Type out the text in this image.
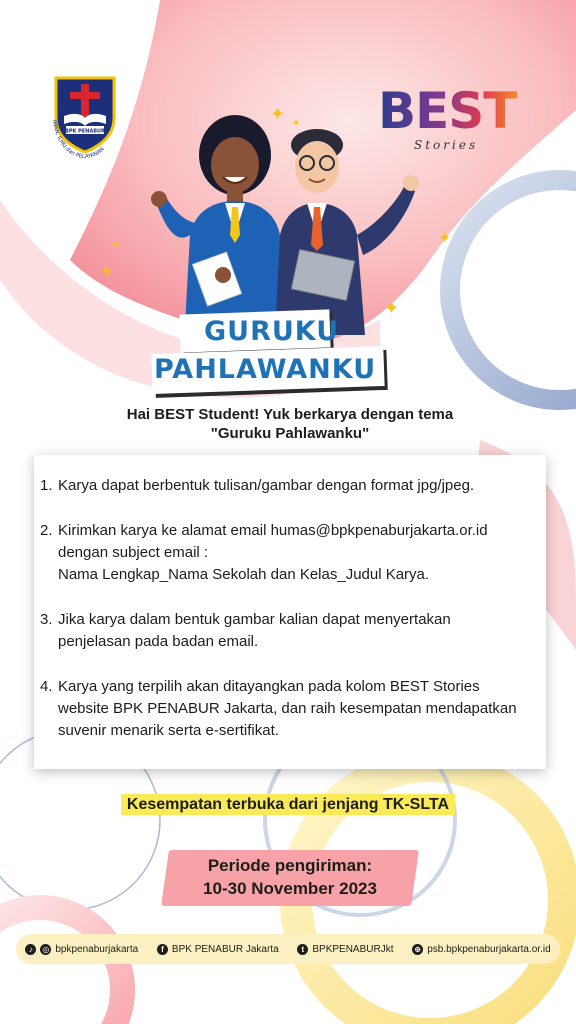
BPK PENABUR
IMAN, ILMU dan PELAYANAN
BEST
Stories
✦
✦
✦
✦
✦
✦
GURUKU
PAHLAWANKU
Hai BEST Student! Yuk berkarya dengan tema
"Guruku Pahlawanku"
1. Karya dapat berbentuk tulisan/gambar dengan format jpg/jpeg.
2. Kirimkan karya ke alamat email humas@bpkpenaburjakarta.or.id
dengan subject email :
Nama Lengkap_Nama Sekolah dan Kelas_Judul Karya.
3. Jika karya dalam bentuk gambar kalian dapat menyertakan
penjelasan pada badan email.
4. Karya yang terpilih akan ditayangkan pada kolom BEST Stories
website BPK PENABUR Jakarta, dan raih kesempatan mendapatkan
suvenir menarik serta e-sertifikat.
Kesempatan terbuka dari jenjang TK-SLTA
Periode pengiriman:
10-30 November 2023
♪	◎ bpkpenaburjakarta	f BPK PENABUR Jakarta	t BPKPENABURJkt	⊕ psb.bpkpenaburjakarta.or.id
